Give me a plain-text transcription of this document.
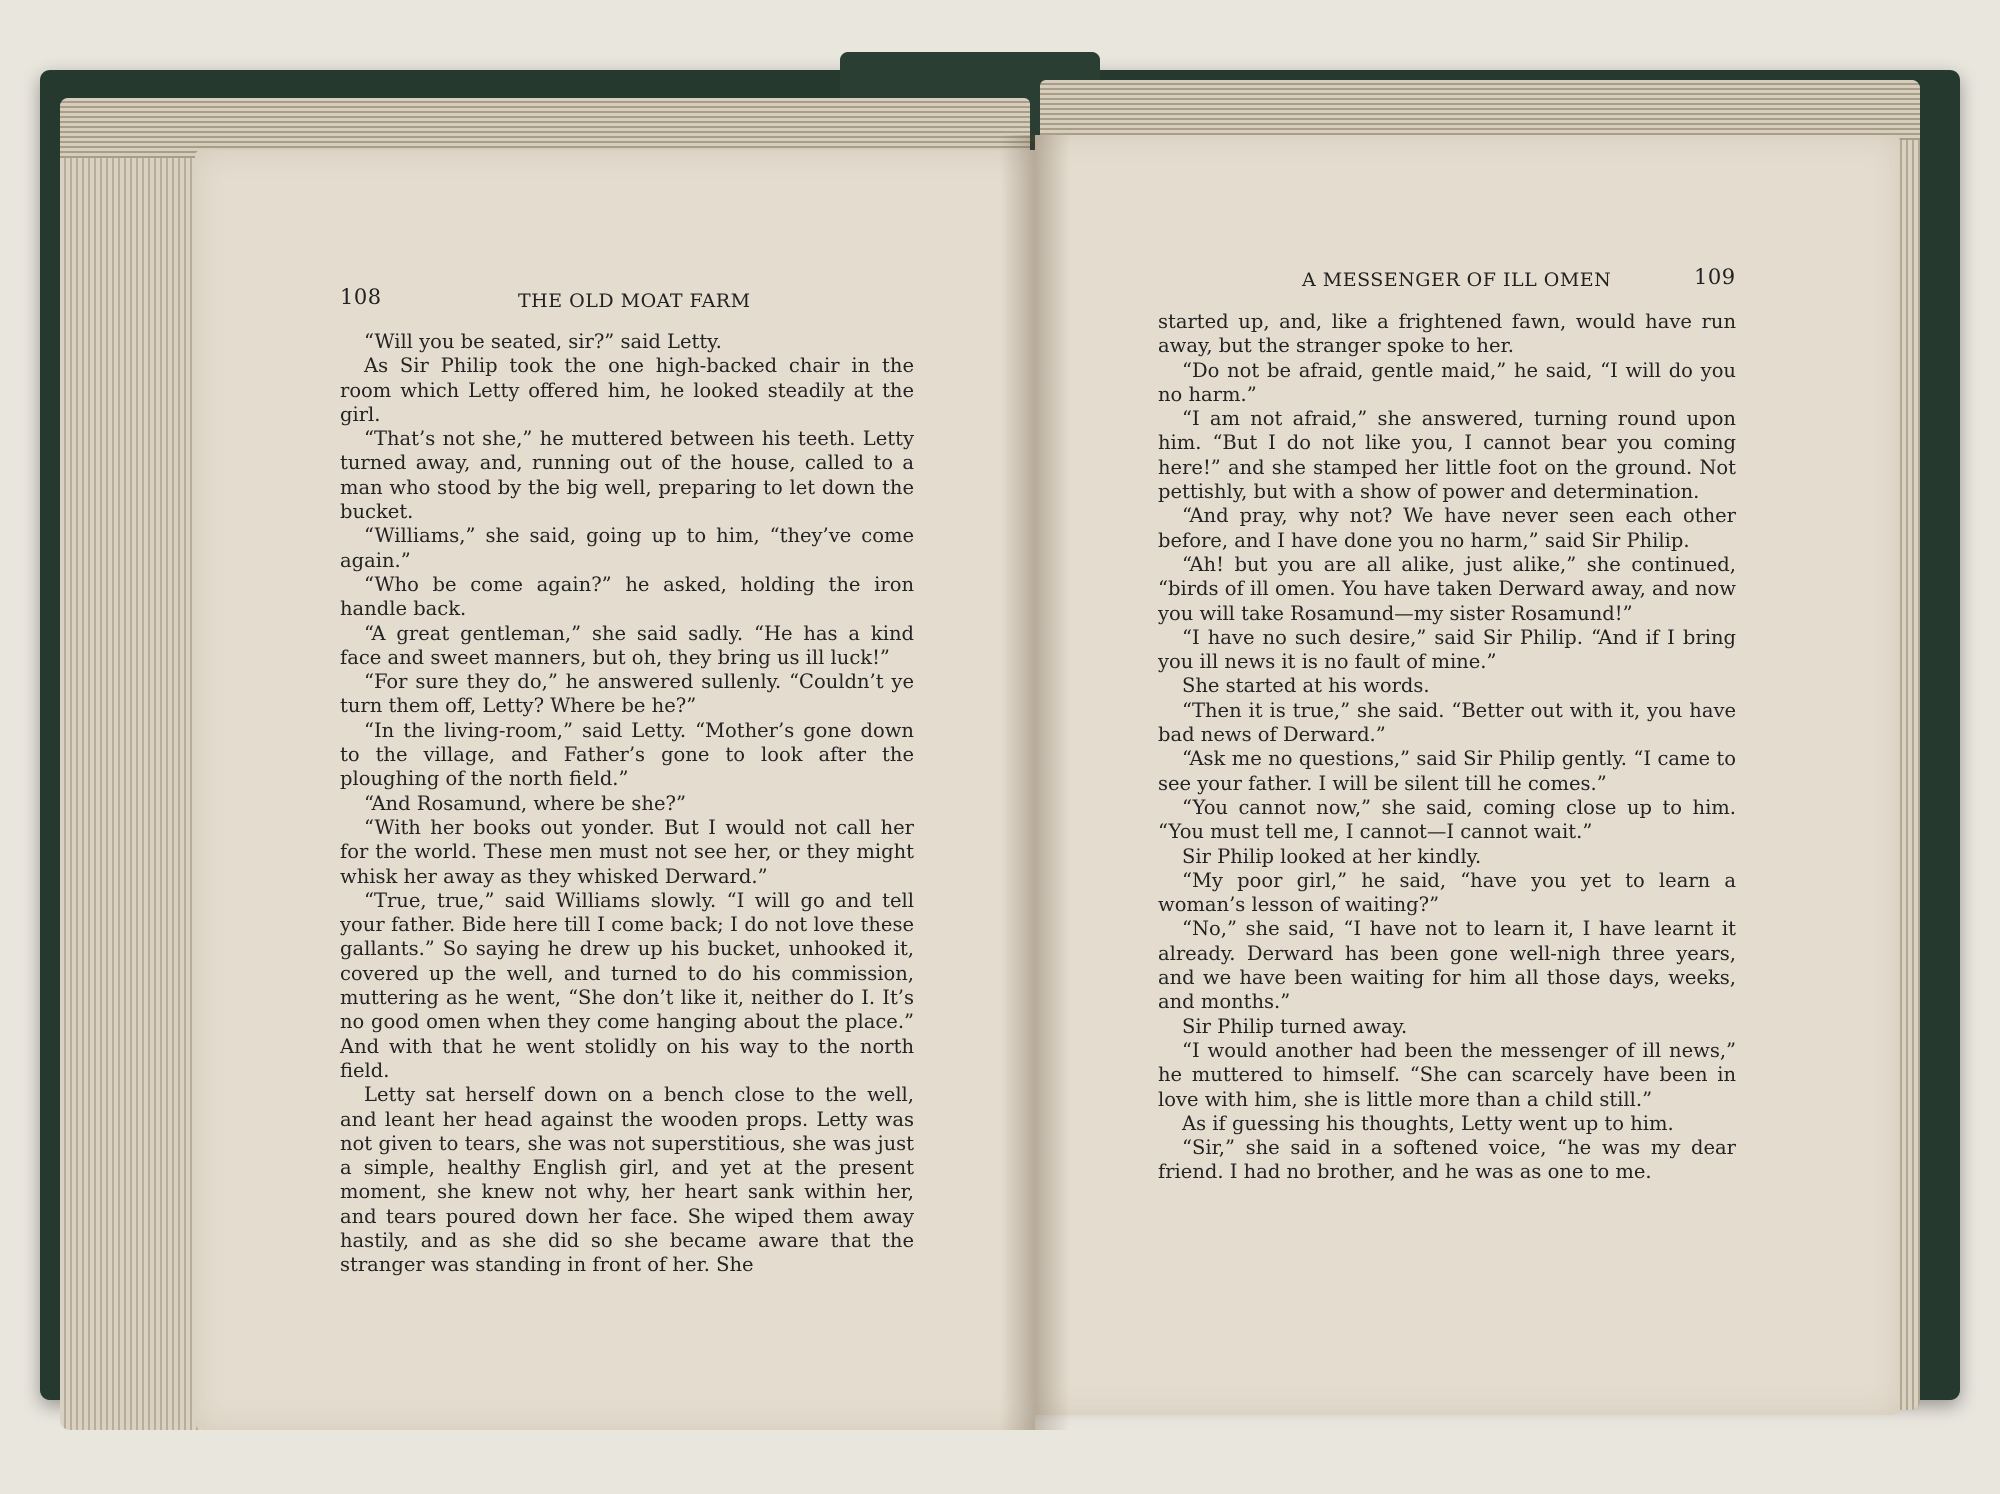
108	THE OLD MOAT FARM
A MESSENGER OF ILL OMEN	109

“Will you be seated, sir?” said Letty.

As Sir Philip took the one high-backed chair in the room which Letty offered him, he looked steadily at the girl.

“That’s not she,” he muttered between his teeth. Letty turned away, and, running out of the house, called to a man who stood by the big well, preparing to let down the bucket.

“Williams,” she said, going up to him, “they’ve come again.”

“Who be come again?” he asked, holding the iron handle back.

“A great gentleman,” she said sadly. “He has a kind face and sweet manners, but oh, they bring us ill luck!”

“For sure they do,” he answered sullenly. “Couldn’t ye turn them off, Letty? Where be he?”

“In the living-room,” said Letty. “Mother’s gone down to the village, and Father’s gone to look after the ploughing of the north field.”

“And Rosamund, where be she?”

“With her books out yonder. But I would not call her for the world. These men must not see her, or they might whisk her away as they whisked Derward.”

“True, true,” said Williams slowly. “I will go and tell your father. Bide here till I come back; I do not love these gallants.” So saying he drew up his bucket, unhooked it, covered up the well, and turned to do his commission, muttering as he went, “She don’t like it, neither do I. It’s no good omen when they come hanging about the place.” And with that he went stolidly on his way to the north field.

Letty sat herself down on a bench close to the well, and leant her head against the wooden props. Letty was not given to tears, she was not superstitious, she was just a simple, healthy English girl, and yet at the present moment, she knew not why, her heart sank within her, and tears poured down her face. She wiped them away hastily, and as she did so she became aware that the stranger was standing in front of her. She

started up, and, like a frightened fawn, would have run away, but the stranger spoke to her.

“Do not be afraid, gentle maid,” he said, “I will do you no harm.”

“I am not afraid,” she answered, turning round upon him. “But I do not like you, I cannot bear you coming here!” and she stamped her little foot on the ground. Not pettishly, but with a show of power and determination.

“And pray, why not? We have never seen each other before, and I have done you no harm,” said Sir Philip.

“Ah! but you are all alike, just alike,” she continued, “birds of ill omen. You have taken Derward away, and now you will take Rosamund—my sister Rosamund!”

“I have no such desire,” said Sir Philip. “And if I bring you ill news it is no fault of mine.”

She started at his words.

“Then it is true,” she said. “Better out with it, you have bad news of Derward.”

“Ask me no questions,” said Sir Philip gently. “I came to see your father. I will be silent till he comes.”

“You cannot now,” she said, coming close up to him. “You must tell me, I cannot—I cannot wait.”

Sir Philip looked at her kindly.

“My poor girl,” he said, “have you yet to learn a woman’s lesson of waiting?”

“No,” she said, “I have not to learn it, I have learnt it already. Derward has been gone well-nigh three years, and we have been waiting for him all those days, weeks, and months.”

Sir Philip turned away.

“I would another had been the messenger of ill news,” he muttered to himself. “She can scarcely have been in love with him, she is little more than a child still.”

As if guessing his thoughts, Letty went up to him.

“Sir,” she said in a softened voice, “he was my dear friend. I had no brother, and he was as one to me.
